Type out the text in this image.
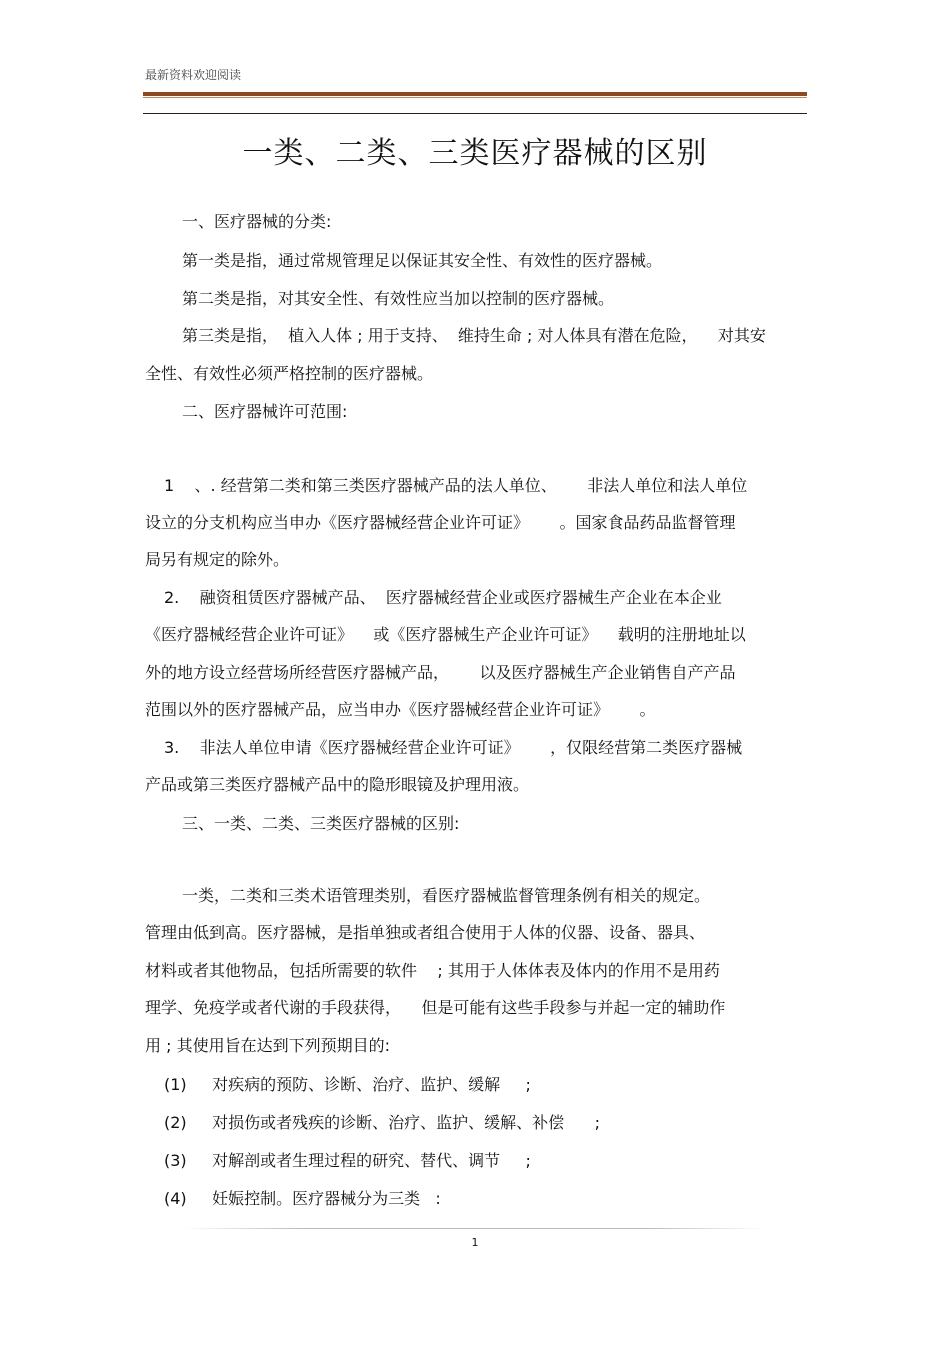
最新资料欢迎阅读
一类、二类、三类医疗器械的区别
一、医疗器械的分类:
第一类是指，通过常规管理足以保证其安全性、有效性的医疗器械。
第二类是指，对其安全性、有效性应当加以控制的医疗器械。
第三类是指，  植入人体 ; 用于支持、  维持生命 ; 对人体具有潜在危险，    对其安
全性、有效性必须严格控制的医疗器械。
二、医疗器械许可范围:
1    、. 经营第二类和第三类医疗器械产品的法人单位、      非法人单位和法人单位
设立的分支机构应当申办《医疗器械经营企业许可证》      。国家食品药品监督管理
局另有规定的除外。
2.    融资租赁医疗器械产品、  医疗器械经营企业或医疗器械生产企业在本企业
《医疗器械经营企业许可证》    或《医疗器械生产企业许可证》    载明的注册地址以
外的地方设立经营场所经营医疗器械产品，      以及医疗器械生产企业销售自产产品
范围以外的医疗器械产品，应当申办《医疗器械经营企业许可证》      。
3.    非法人单位申请《医疗器械经营企业许可证》      ，仅限经营第二类医疗器械
产品或第三类医疗器械产品中的隐形眼镜及护理用液。
三、一类、二类、三类医疗器械的区别:
一类，二类和三类术语管理类别，看医疗器械监督管理条例有相关的规定。
管理由低到高。医疗器械，是指单独或者组合使用于人体的仪器、设备、器具、
材料或者其他物品，包括所需要的软件    ; 其用于人体体表及体内的作用不是用药
理学、免疫学或者代谢的手段获得，    但是可能有这些手段参与并起一定的辅助作
用 ; 其使用旨在达到下列预期目的:
(1)     对疾病的预防、诊断、治疗、监护、缓解     ;
(2)     对损伤或者残疾的诊断、治疗、监护、缓解、补偿      ;
(3)     对解剖或者生理过程的研究、替代、调节     ;
(4)     妊娠控制。医疗器械分为三类   :
1
